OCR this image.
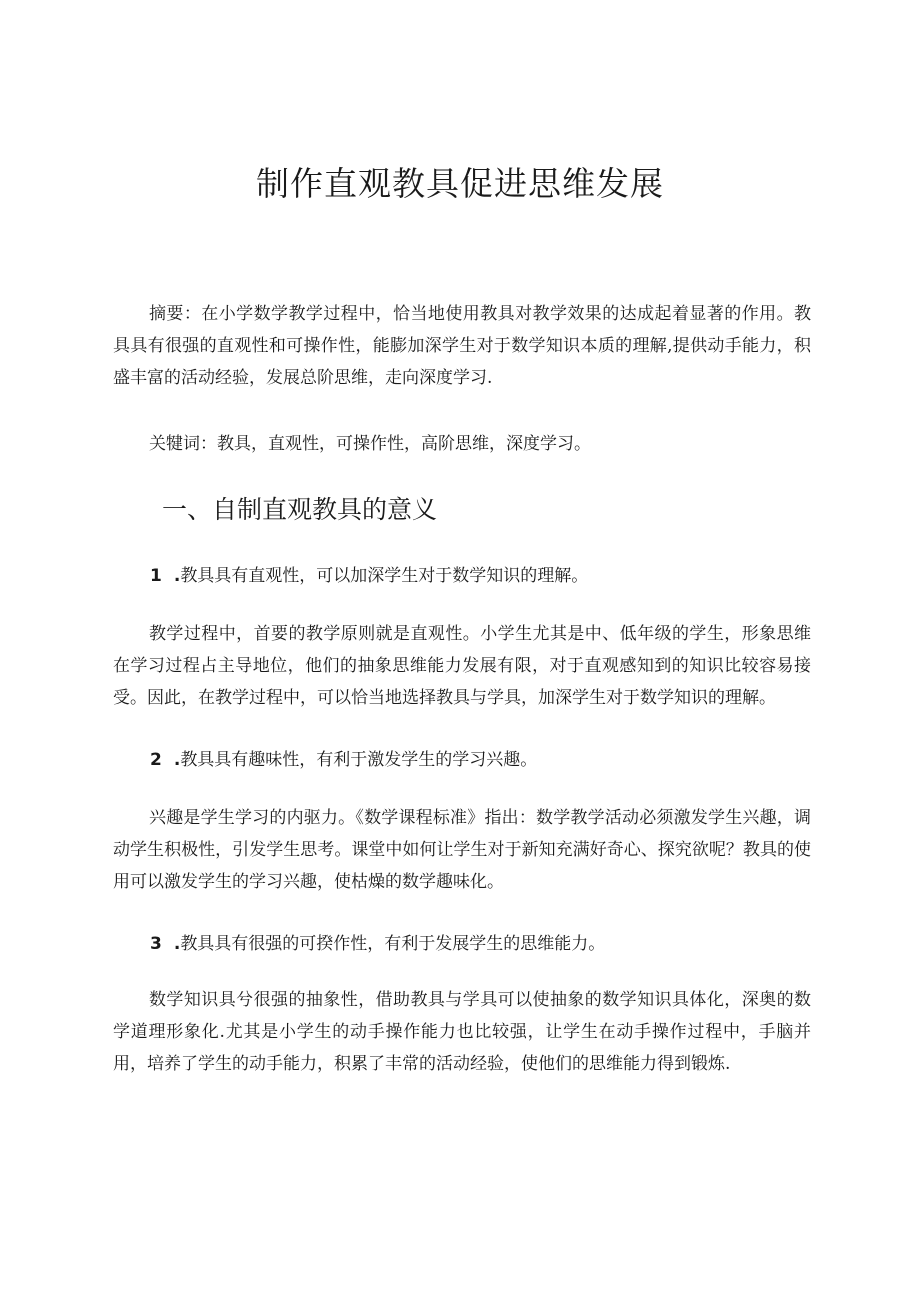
制作直观教具促进思维发展

摘要：在小学数学教学过程中，恰当地使用教具对教学效果的达成起着显著的作用。教具具有很强的直观性和可操作性，能膨加深学生对于数学知识本质的理解,提供动手能力，积盛丰富的活动经验，发展总阶思维，走向深度学习.

关犍词：教具，直观性，可操作性，高阶思维，深度学习。

一、自制直观教具的意义
1 .教具具有直观性，可以加深学生对于数学知识的理解。

教学过程中，首要的教学原则就是直观性。小学生尤其是中、低年级的学生，形象思维在学习过程占主导地位，他们的抽象思维能力发展有限，对于直观感知到的知识比较容易接受。因此，在教学过程中，可以恰当地选择教具与学具，加深学生对于数学知识的理解。

2 .教具具有趣味性，有利于激发学生的学习兴趣。

兴趣是学生学习的内驱力。《数学课程标准》指出：数学教学活动必须激发学生兴趣，调动学生积极性，引发学生思考。课堂中如何让学生对于新知充满好奇心、探究欲呢？教具的使用可以激发学生的学习兴趣，使枯燥的数学趣味化。

3 .教具具有很强的可揆作性，有利于发展学生的思维能力。

数学知识具兮很强的抽象性，借助教具与学具可以使抽象的数学知识具体化，深奥的数学道理形象化.尤其是小学生的动手操作能力也比较强，让学生在动手操作过程中，手脑并用，培养了学生的动手能力，积累了丰常的活动经验，使他们的思维能力得到锻炼.
